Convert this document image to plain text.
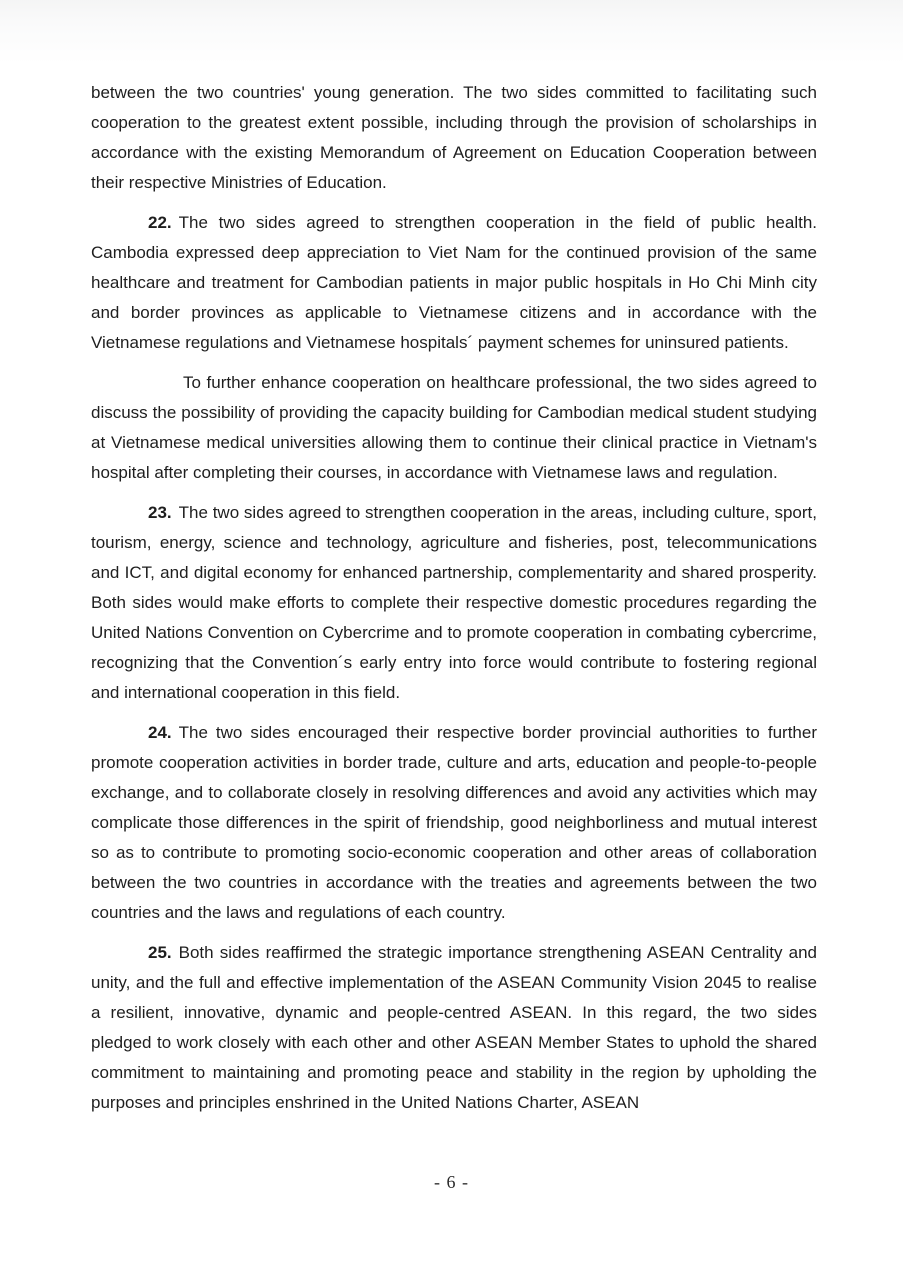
between the two countries' young generation. The two sides committed to facilitating such cooperation to the greatest extent possible, including through the provision of scholarships in accordance with the existing Memorandum of Agreement on Education Cooperation between their respective Ministries of Education.

22. The two sides agreed to strengthen cooperation in the field of public health. Cambodia expressed deep appreciation to Viet Nam for the continued provision of the same healthcare and treatment for Cambodian patients in major public hospitals in Ho Chi Minh city and border provinces as applicable to Vietnamese citizens and in accordance with the Vietnamese regulations and Vietnamese hospitals´ payment schemes for uninsured patients.

To further enhance cooperation on healthcare professional, the two sides agreed to discuss the possibility of providing the capacity building for Cambodian medical student studying at Vietnamese medical universities allowing them to continue their clinical practice in Vietnam's hospital after completing their courses, in accordance with Vietnamese laws and regulation.

23. The two sides agreed to strengthen cooperation in the areas, including culture, sport, tourism, energy, science and technology, agriculture and fisheries, post, telecommunications and ICT, and digital economy for enhanced partnership, complementarity and shared prosperity. Both sides would make efforts to complete their respective domestic procedures regarding the United Nations Convention on Cybercrime and to promote cooperation in combating cybercrime, recognizing that the Convention´s early entry into force would contribute to fostering regional and international cooperation in this field.

24. The two sides encouraged their respective border provincial authorities to further promote cooperation activities in border trade, culture and arts, education and people-to-people exchange, and to collaborate closely in resolving differences and avoid any activities which may complicate those differences in the spirit of friendship, good neighborliness and mutual interest so as to contribute to promoting socio-economic cooperation and other areas of collaboration between the two countries in accordance with the treaties and agreements between the two countries and the laws and regulations of each country.

25. Both sides reaffirmed the strategic importance strengthening ASEAN Centrality and unity, and the full and effective implementation of the ASEAN Community Vision 2045 to realise a resilient, innovative, dynamic and people-centred ASEAN. In this regard, the two sides pledged to work closely with each other and other ASEAN Member States to uphold the shared commitment to maintaining and promoting peace and stability in the region by upholding the purposes and principles enshrined in the United Nations Charter, ASEAN

- 6 -
